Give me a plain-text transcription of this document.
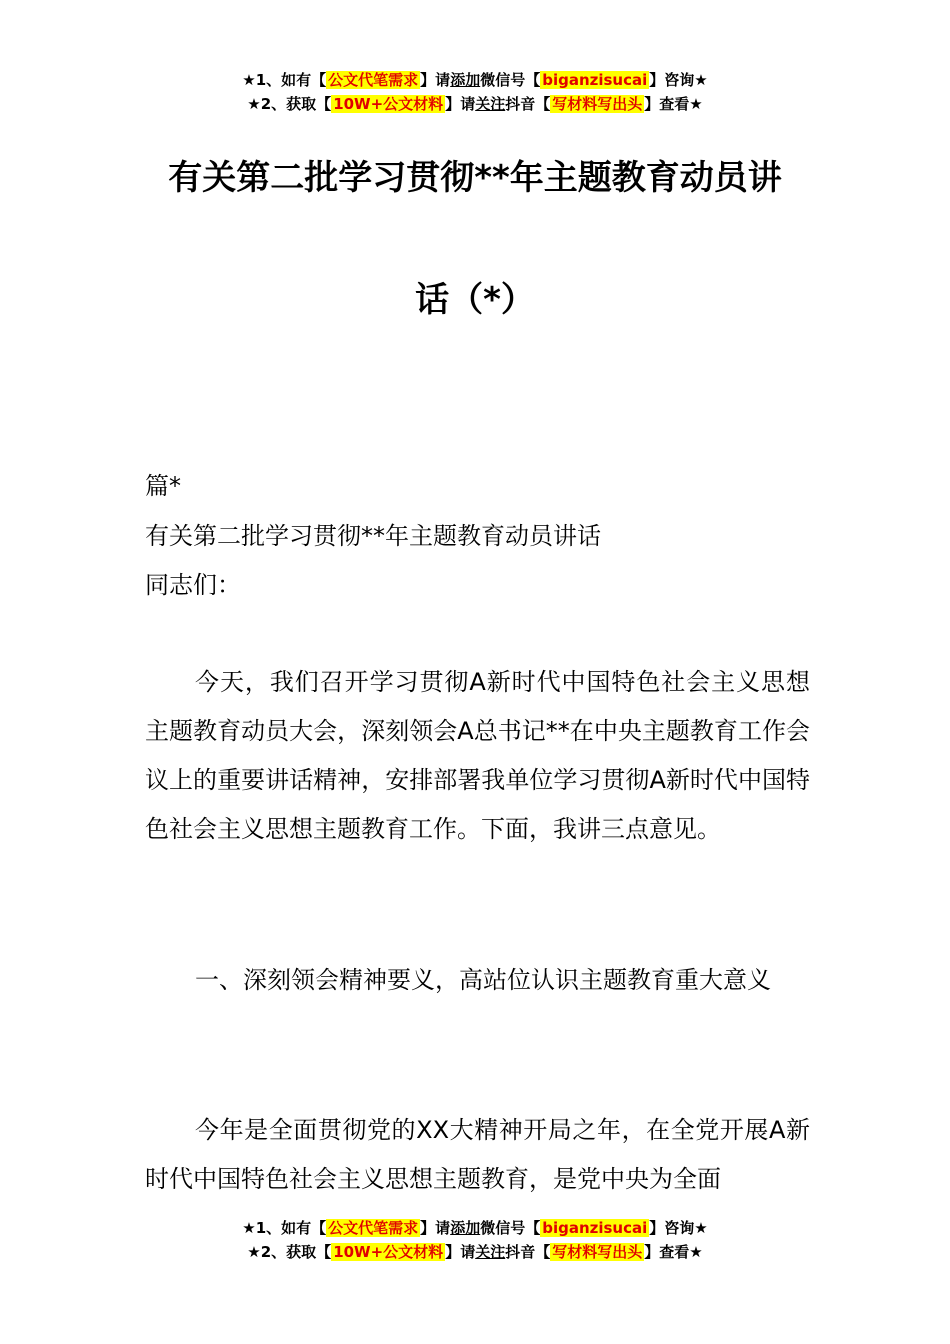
★1、如有【 公文代笔需求 】请添加微信号【 biganzisucai 】咨询★
★2、获取【 10W+公文材料 】请关注抖音【 写材料写出头 】查看★
有关第二批学习贯彻**年主题教育动员讲
话（*）
篇*
有关第二批学习贯彻**年主题教育动员讲话
同志们：
今天，我们召开学习贯彻A新时代中国特色社会主义思想主题教育动员大会，深刻领会A总书记**在中央主题教育工作会议上的重要讲话精神，安排部署我单位学习贯彻A新时代中国特色社会主义思想主题教育工作。下面，我讲三点意见。
一、深刻领会精神要义，高站位认识主题教育重大意义
今年是全面贯彻党的XX大精神开局之年，在全党开展A新时代中国特色社会主义思想主题教育，是党中央为全面
★1、如有【 公文代笔需求 】请添加微信号【 biganzisucai 】咨询★
★2、获取【 10W+公文材料 】请关注抖音【 写材料写出头 】查看★
